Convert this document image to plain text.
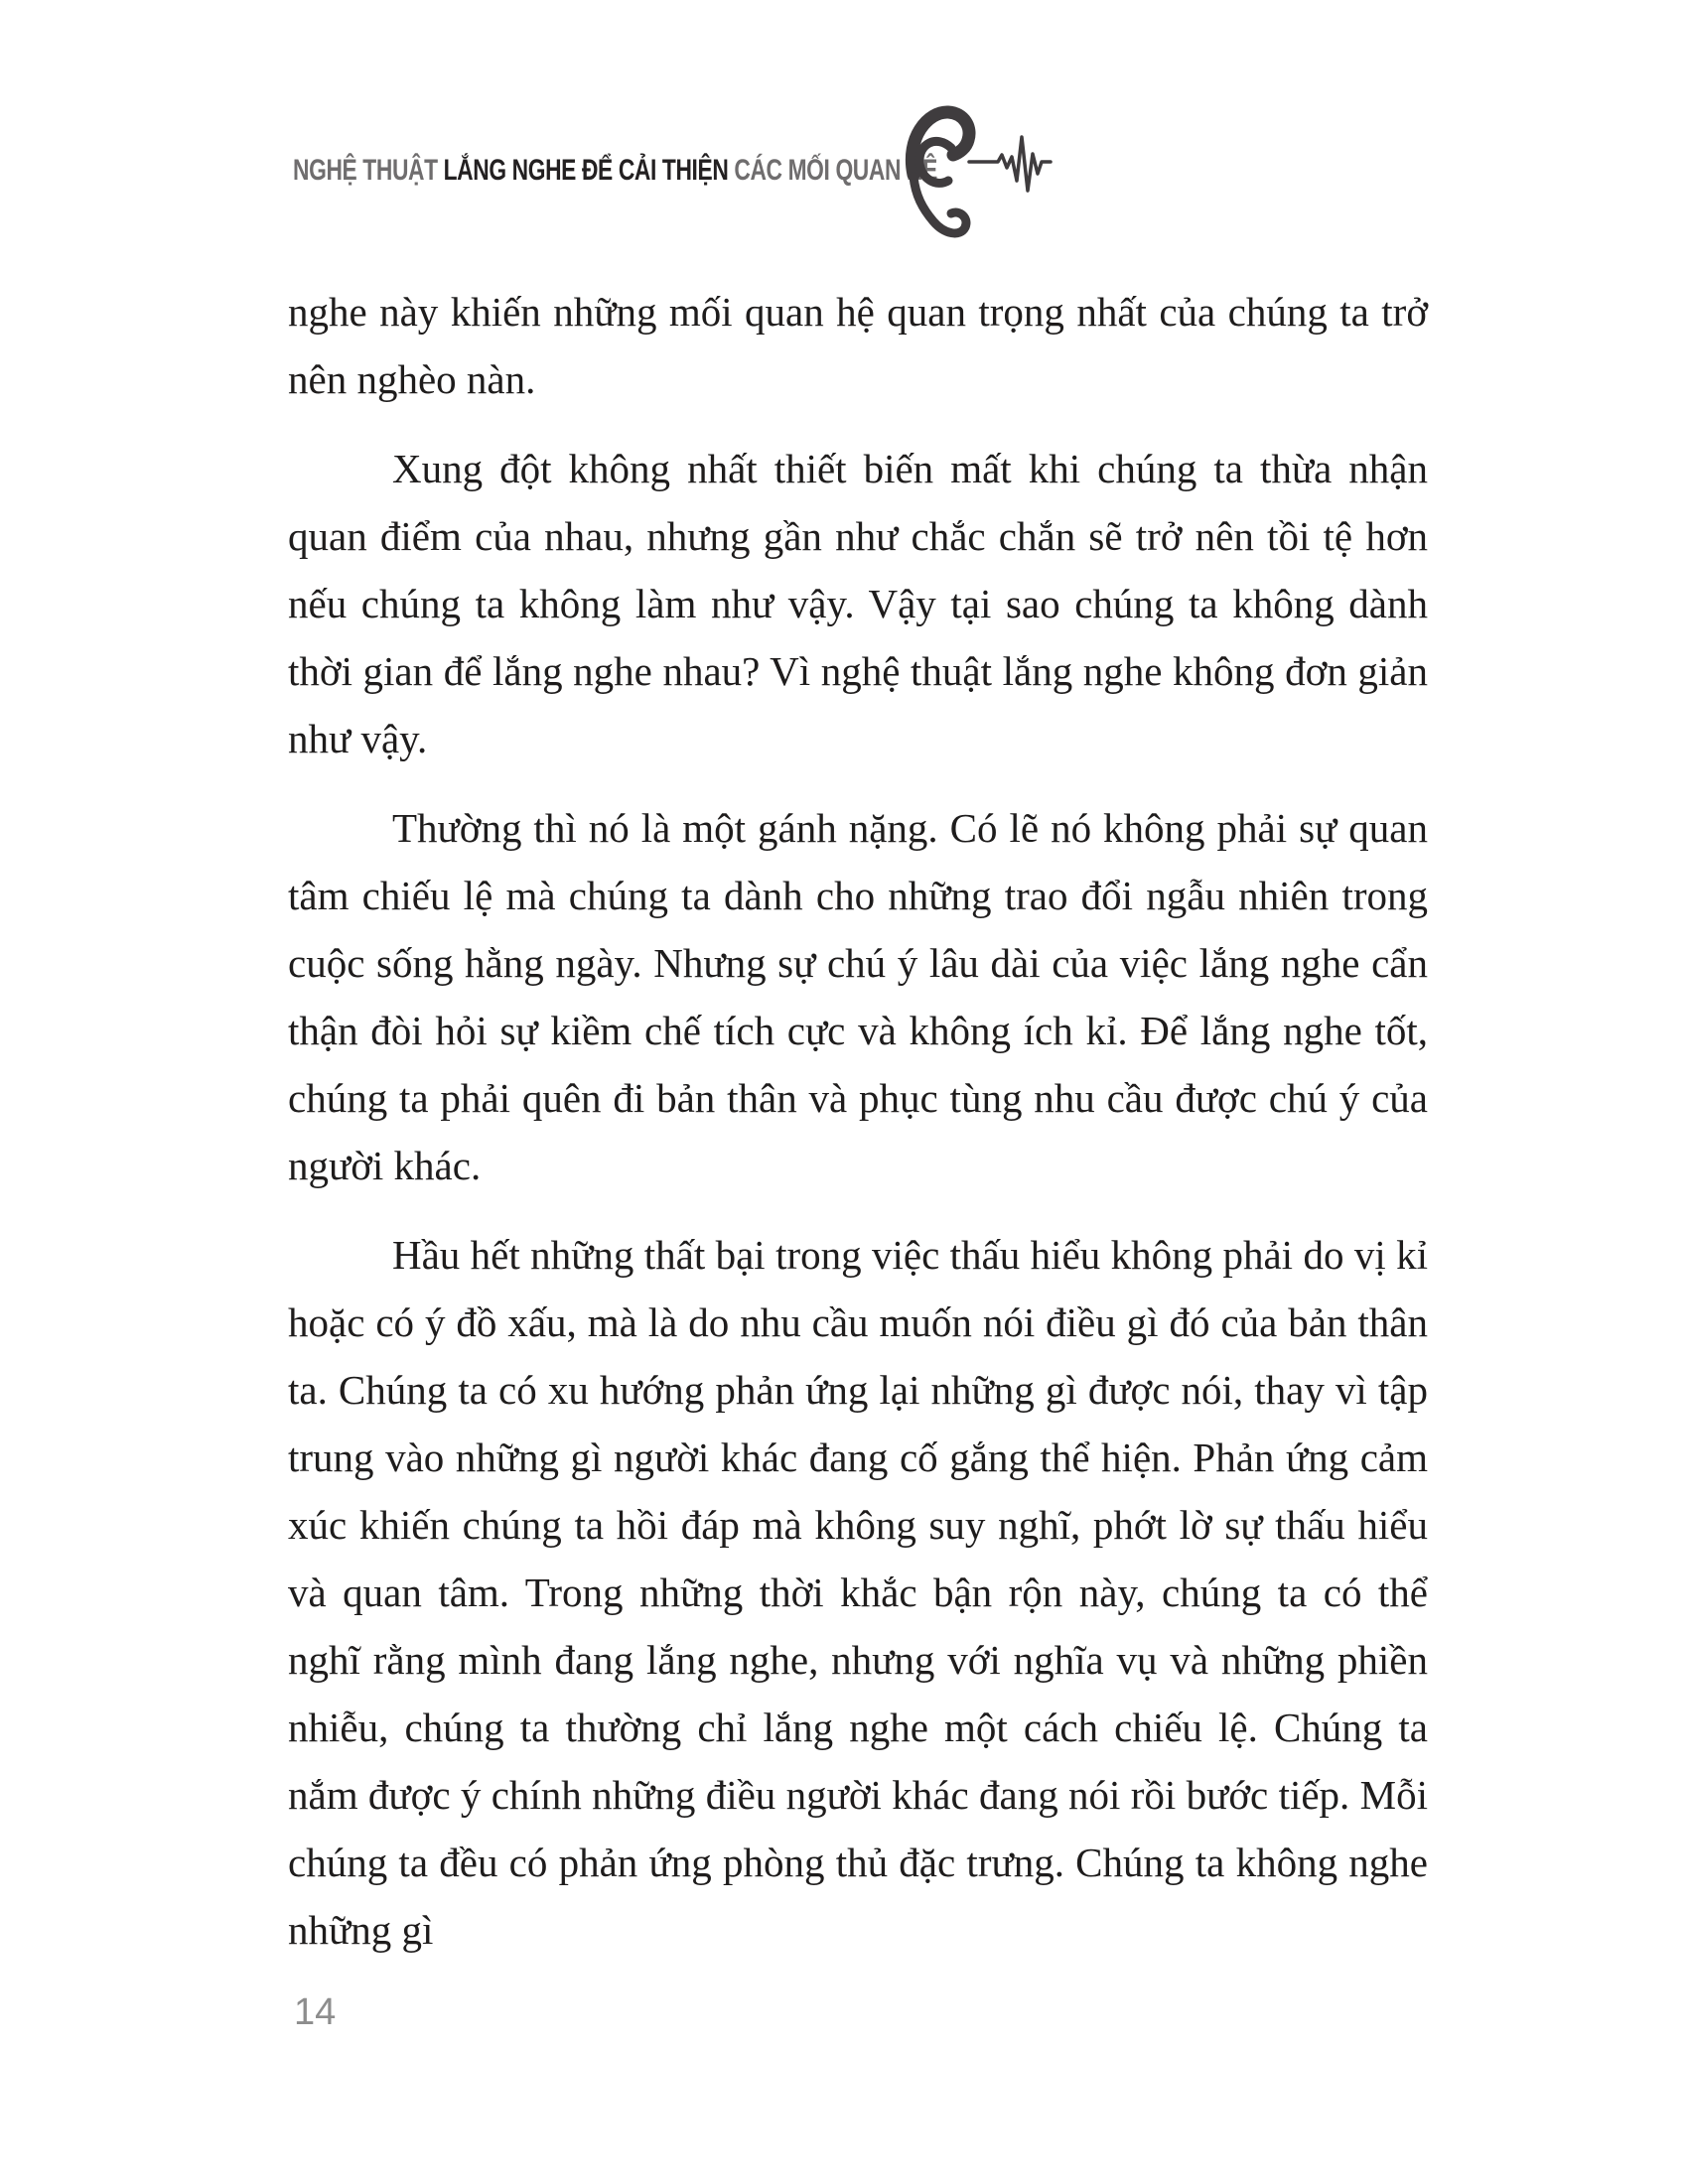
NGHỆ THUẬT LẮNG NGHE ĐỂ CẢI THIỆN CÁC MỐI QUAN HỆ

nghe này khiến những mối quan hệ quan trọng nhất của chúng ta trở nên nghèo nàn.

Xung đột không nhất thiết biến mất khi chúng ta thừa nhận quan điểm của nhau, nhưng gần như chắc chắn sẽ trở nên tồi tệ hơn nếu chúng ta không làm như vậy. Vậy tại sao chúng ta không dành thời gian để lắng nghe nhau? Vì nghệ thuật lắng nghe không đơn giản như vậy.

Thường thì nó là một gánh nặng. Có lẽ nó không phải sự quan tâm chiếu lệ mà chúng ta dành cho những trao đổi ngẫu nhiên trong cuộc sống hằng ngày. Nhưng sự chú ý lâu dài của việc lắng nghe cẩn thận đòi hỏi sự kiềm chế tích cực và không ích kỉ. Để lắng nghe tốt, chúng ta phải quên đi bản thân và phục tùng nhu cầu được chú ý của người khác.

Hầu hết những thất bại trong việc thấu hiểu không phải do vị kỉ hoặc có ý đồ xấu, mà là do nhu cầu muốn nói điều gì đó của bản thân ta. Chúng ta có xu hướng phản ứng lại những gì được nói, thay vì tập trung vào những gì người khác đang cố gắng thể hiện. Phản ứng cảm xúc khiến chúng ta hồi đáp mà không suy nghĩ, phớt lờ sự thấu hiểu và quan tâm. Trong những thời khắc bận rộn này, chúng ta có thể nghĩ rằng mình đang lắng nghe, nhưng với nghĩa vụ và những phiền nhiễu, chúng ta thường chỉ lắng nghe một cách chiếu lệ. Chúng ta nắm được ý chính những điều người khác đang nói rồi bước tiếp. Mỗi chúng ta đều có phản ứng phòng thủ đặc trưng. Chúng ta không nghe những gì

14
